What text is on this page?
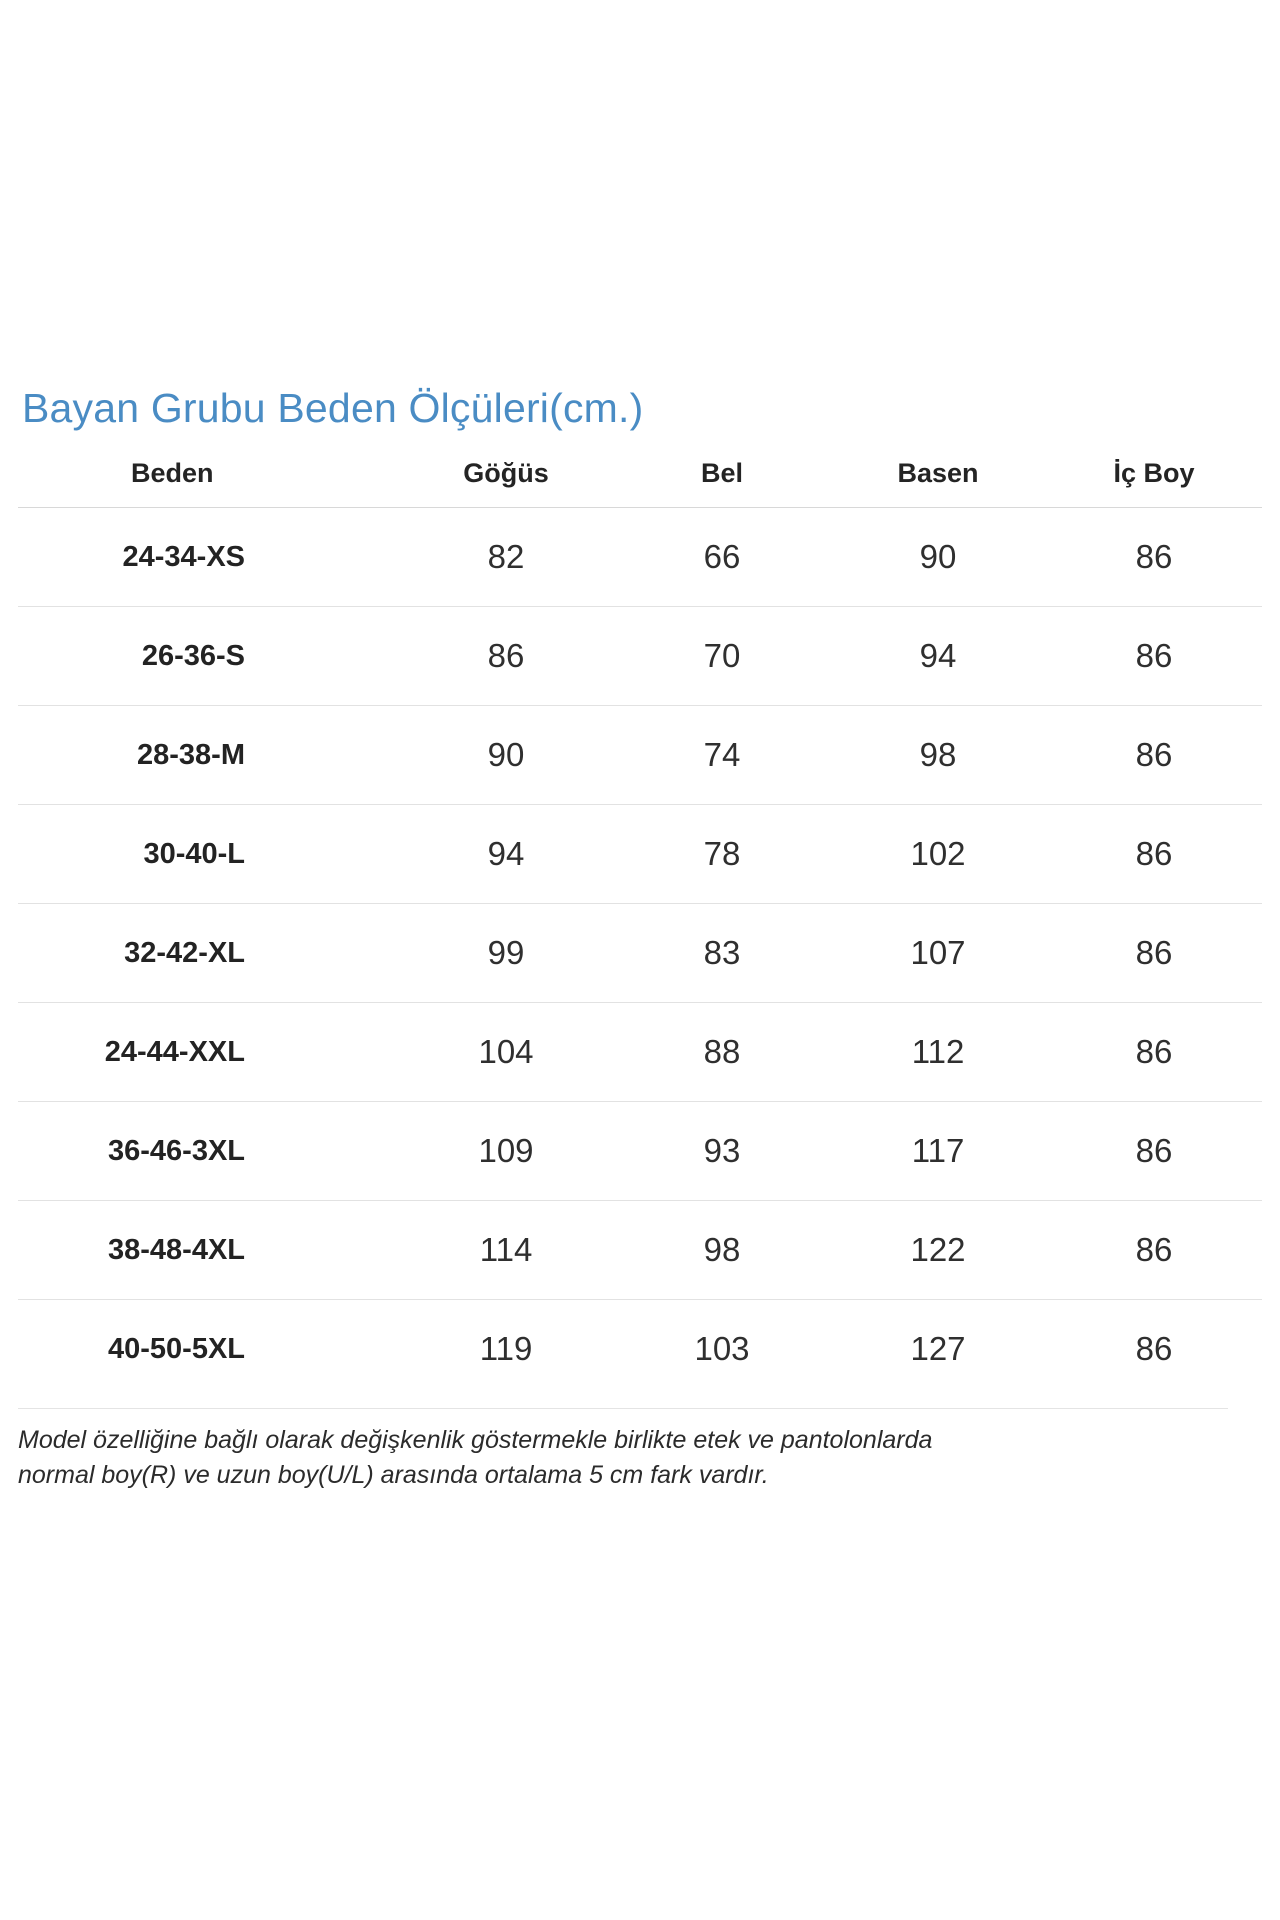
Bayan Grubu Beden Ölçüleri(cm.)
Beden	Göğüs	Bel	Basen	İç Boy
24-34-XS	82	66	90	86
26-36-S	86	70	94	86
28-38-M	90	74	98	86
30-40-L	94	78	102	86
32-42-XL	99	83	107	86
24-44-XXL	104	88	112	86
36-46-3XL	109	93	117	86
38-48-4XL	114	98	122	86
40-50-5XL	119	103	127	86
Model özelliğine bağlı olarak değişkenlik göstermekle birlikte etek ve pantolonlarda
normal boy(R) ve uzun boy(U/L) arasında ortalama 5 cm fark vardır.
